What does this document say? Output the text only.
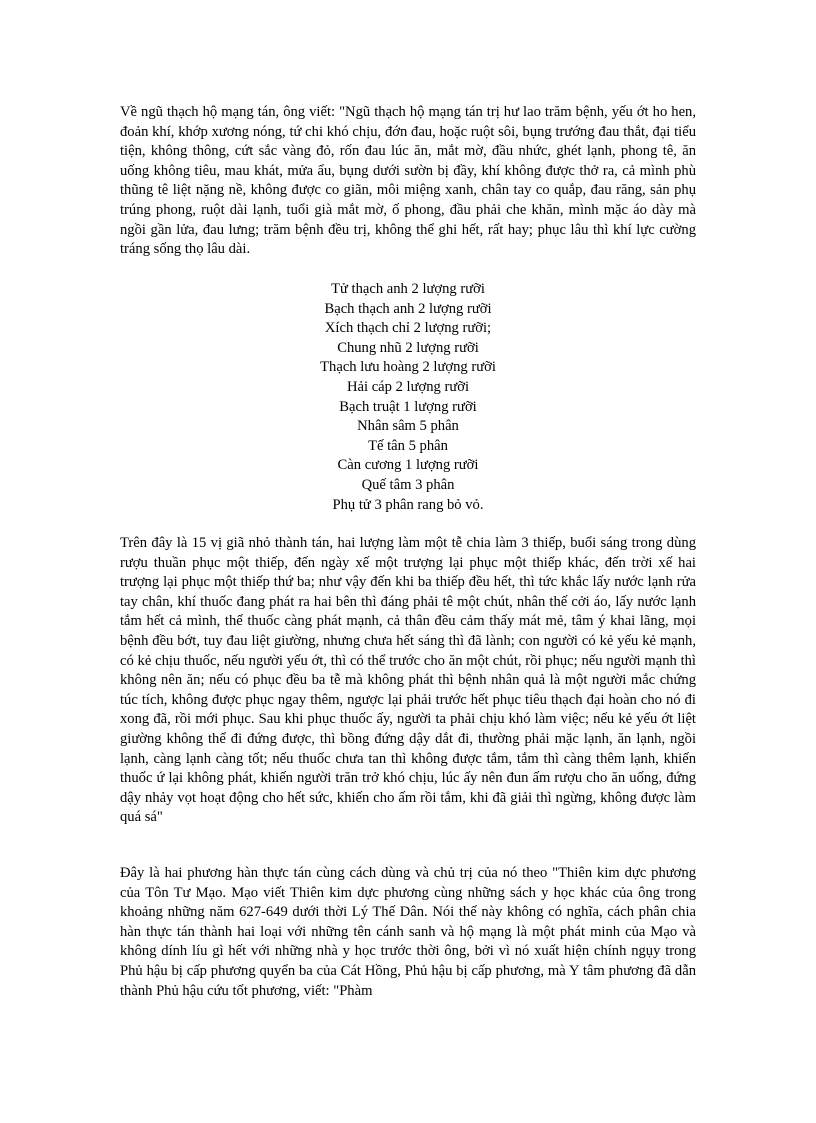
Về ngũ thạch hộ mạng tán, ông viết: "Ngũ thạch hộ mạng tán trị hư lao trăm bệnh, yếu ớt ho hen, đoản khí, khớp xương nóng, tứ chi khó chịu, đớn đau, hoặc ruột sôi, bụng trướng đau thắt, đại tiểu tiện, không thông, cứt sắc vàng đỏ, rốn đau lúc ăn, mắt mờ, đầu nhức, ghét lạnh, phong tê, ăn uống không tiêu, mau khát, mửa ẩu, bụng dưới sườn bị đầy, khí không được thở ra, cả mình phù thũng tê liệt nặng nề, không được co giãn, môi miệng xanh, chân tay co quắp, đau răng, sản phụ trúng phong, ruột dài lạnh, tuổi già mắt mờ, ố phong, đầu phải che khăn, mình mặc áo dày mà ngồi gần lửa, đau lưng; trăm bệnh đều trị, không thể ghi hết, rất hay; phục lâu thì khí lực cường tráng sống thọ lâu dài.

Tử thạch anh 2 lượng rưỡi
Bạch thạch anh 2 lượng rưỡi
Xích thạch chỉ 2 lượng rưỡi;
Chung nhũ 2 lượng rưỡi
Thạch lưu hoàng 2 lượng rưỡi
Hải cáp 2 lượng rưỡi
Bạch truật 1 lượng rưỡi
Nhân sâm 5 phân
Tế tân 5 phân
Càn cương 1 lượng rưỡi
Quế tâm 3 phân
Phụ tử 3 phân rang bỏ vỏ.

Trên đây là 15 vị giã nhỏ thành tán, hai lượng làm một tễ chia làm 3 thiếp, buổi sáng trong dùng rượu thuần phục một thiếp, đến ngày xế một trượng lại phục một thiếp khác, đến trời xế hai trượng lại phục một thiếp thứ ba; như vậy đến khi ba thiếp đều hết, thì tức khắc lấy nước lạnh rửa tay chân, khí thuốc đang phát ra hai bên thì đáng phải tê một chút, nhân thế cởi áo, lấy nước lạnh tắm hết cả mình, thế thuốc càng phát mạnh, cả thân đều cảm thấy mát mẻ, tâm ý khai lãng, mọi bệnh đều bớt, tuy đau liệt giường, nhưng chưa hết sáng thì đã lành; con người có kẻ yếu kẻ mạnh, có kẻ chịu thuốc, nếu người yếu ớt, thì có thể trước cho ăn một chút, rồi phục; nếu người mạnh thì không nên ăn; nếu có phục đều ba tễ mà không phát thì bệnh nhân quả là một người mắc chứng túc tích, không được phục ngay thêm, ngược lại phải trước hết phục tiêu thạch đại hoàn cho nó đi xong đã, rồi mới phục. Sau khi phục thuốc ấy, người ta phải chịu khó làm việc; nếu kẻ yếu ớt liệt giường không thể đi đứng được, thì bồng đứng dậy dắt đi, thường phải mặc lạnh, ăn lạnh, ngồi lạnh, càng lạnh càng tốt; nếu thuốc chưa tan thì không được tắm, tắm thì càng thêm lạnh, khiến thuốc ứ lại không phát, khiến người trăn trở khó chịu, lúc ấy nên đun ấm rượu cho ăn uống, đứng dậy nhảy vọt hoạt động cho hết sức, khiến cho ấm rồi tắm, khi đã giải thì ngừng, không được làm quá sá"

Đây là hai phương hàn thực tán cùng cách dùng và chủ trị của nó theo "Thiên kim dực phương của Tôn Tư Mạo. Mạo viết Thiên kim dực phương cùng những sách y học khác của ông trong khoảng những năm 627-649 dưới thời Lý Thế Dân. Nói thế này không có nghĩa, cách phân chia hàn thực tán thành hai loại với những tên cánh sanh và hộ mạng là một phát minh của Mạo và không dính líu gì hết với những nhà y học trước thời ông, bởi vì nó xuất hiện chính ngụy trong Phủ hậu bị cấp phương quyển ba của Cát Hồng, Phủ hậu bị cấp phương, mà Y tâm phương đã dẫn thành Phủ hậu cứu tốt phương, viết: "Phàm
